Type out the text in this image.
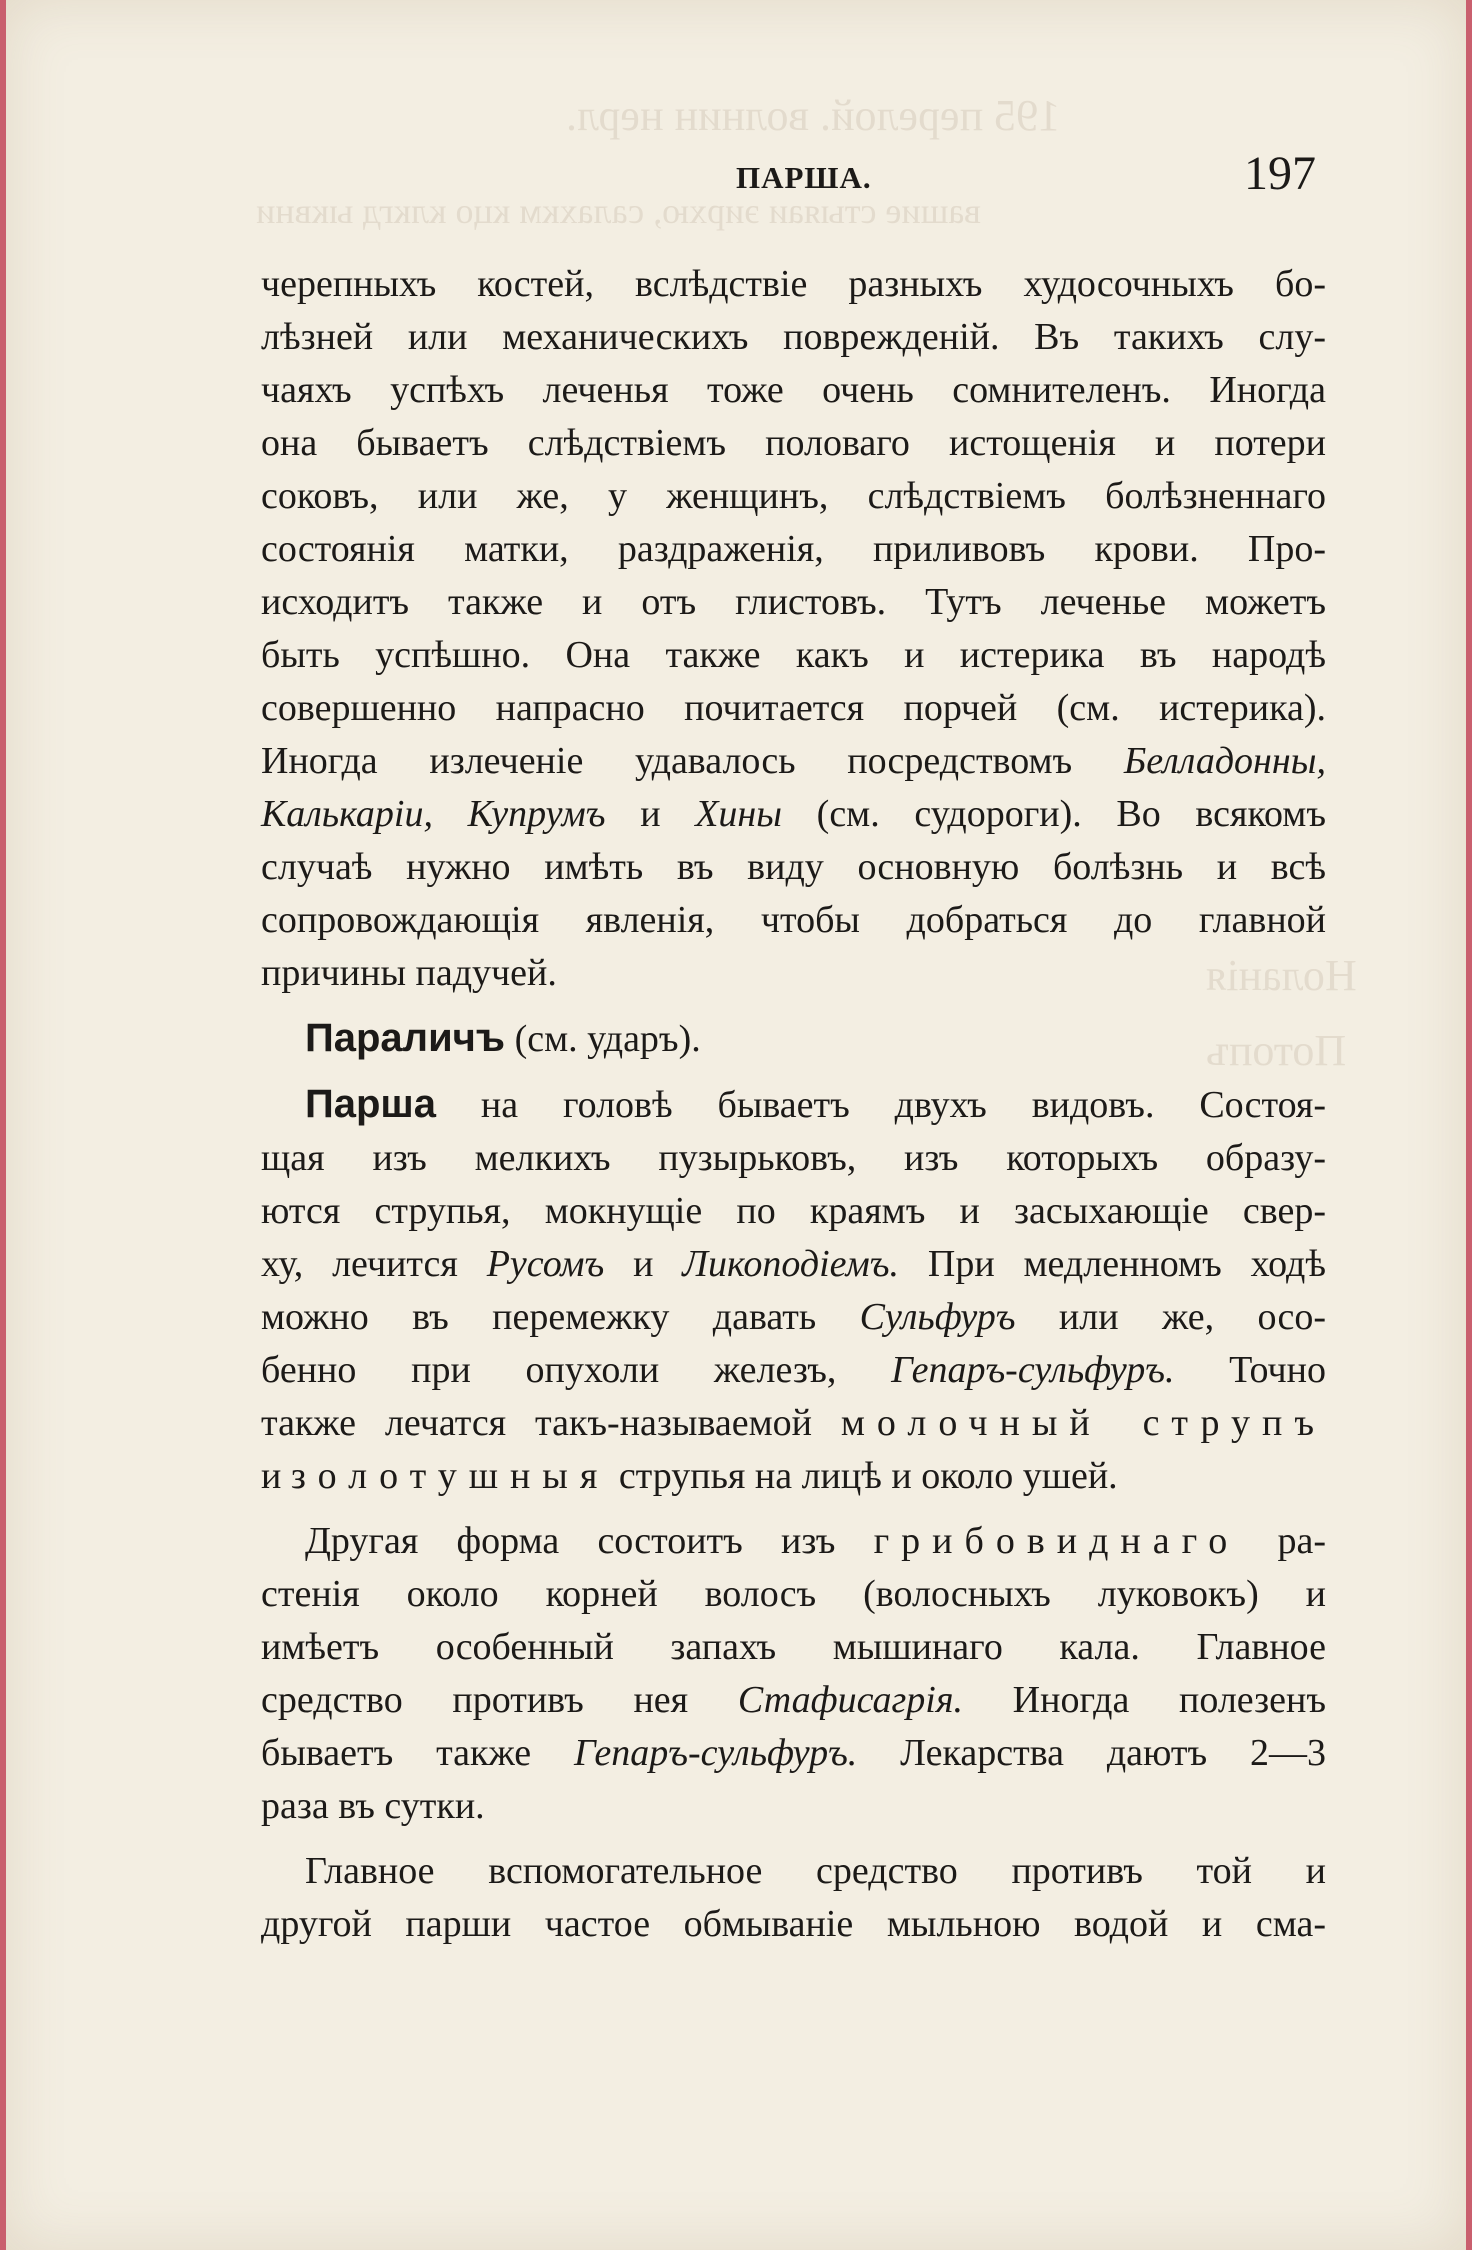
195 перелой. волнин нерл.
вашие стыяаи эирхю, салахкм кцо клкгд ыквни
Ноланія
Потопъ
ПАРША.	197
черепныхъ костей, вслѣдствіе разныхъ худосочныхъ бо-
лѣзней или механическихъ поврежденій. Въ такихъ слу-
чаяхъ успѣхъ леченья тоже очень сомнителенъ. Иногда
она бываетъ слѣдствіемъ половаго истощенія и потери
соковъ, или же, у женщинъ, слѣдствіемъ болѣзненнаго
состоянія матки, раздраженія, приливовъ крови. Про-
исходитъ также и отъ глистовъ. Тутъ леченье можетъ
быть успѣшно. Она также какъ и истерика въ народѣ
совершенно напрасно почитается порчей (см. истерика).
Иногда излеченіе удавалось посредствомъ Белладонны,
Калькаріи, Купрумъ и Хины (см. судороги). Во всякомъ
случаѣ нужно имѣть въ виду основную болѣзнь и всѣ
сопровождающія явленія, чтобы добраться до главной
причины падучей.
Параличъ (см. ударъ).
Парша на головѣ бываетъ двухъ видовъ. Состоя-
щая изъ мелкихъ пузырьковъ, изъ которыхъ образу-
ются струпья, мокнущіе по краямъ и засыхающіе свер-
ху, лечится Русомъ и Ликоподіемъ. При медленномъ ходѣ
можно въ перемежку давать Сульфуръ или же, осо-
бенно при опухоли железъ, Гепаръ-сульфуръ. Точно
также лечатся такъ-называемой молочный струпъ
и золотушныя струпья на лицѣ и около ушей.
Другая форма состоитъ изъ грибовиднаго ра-
стенія около корней волосъ (волосныхъ луковокъ) и
имѣетъ особенный запахъ мышинаго кала. Главное
средство противъ нея Стафисагрія. Иногда полезенъ
бываетъ также Гепаръ-сульфуръ. Лекарства даютъ 2—3
раза въ сутки.
Главное вспомогательное средство противъ той и
другой парши частое обмываніе мыльною водой и сма-
